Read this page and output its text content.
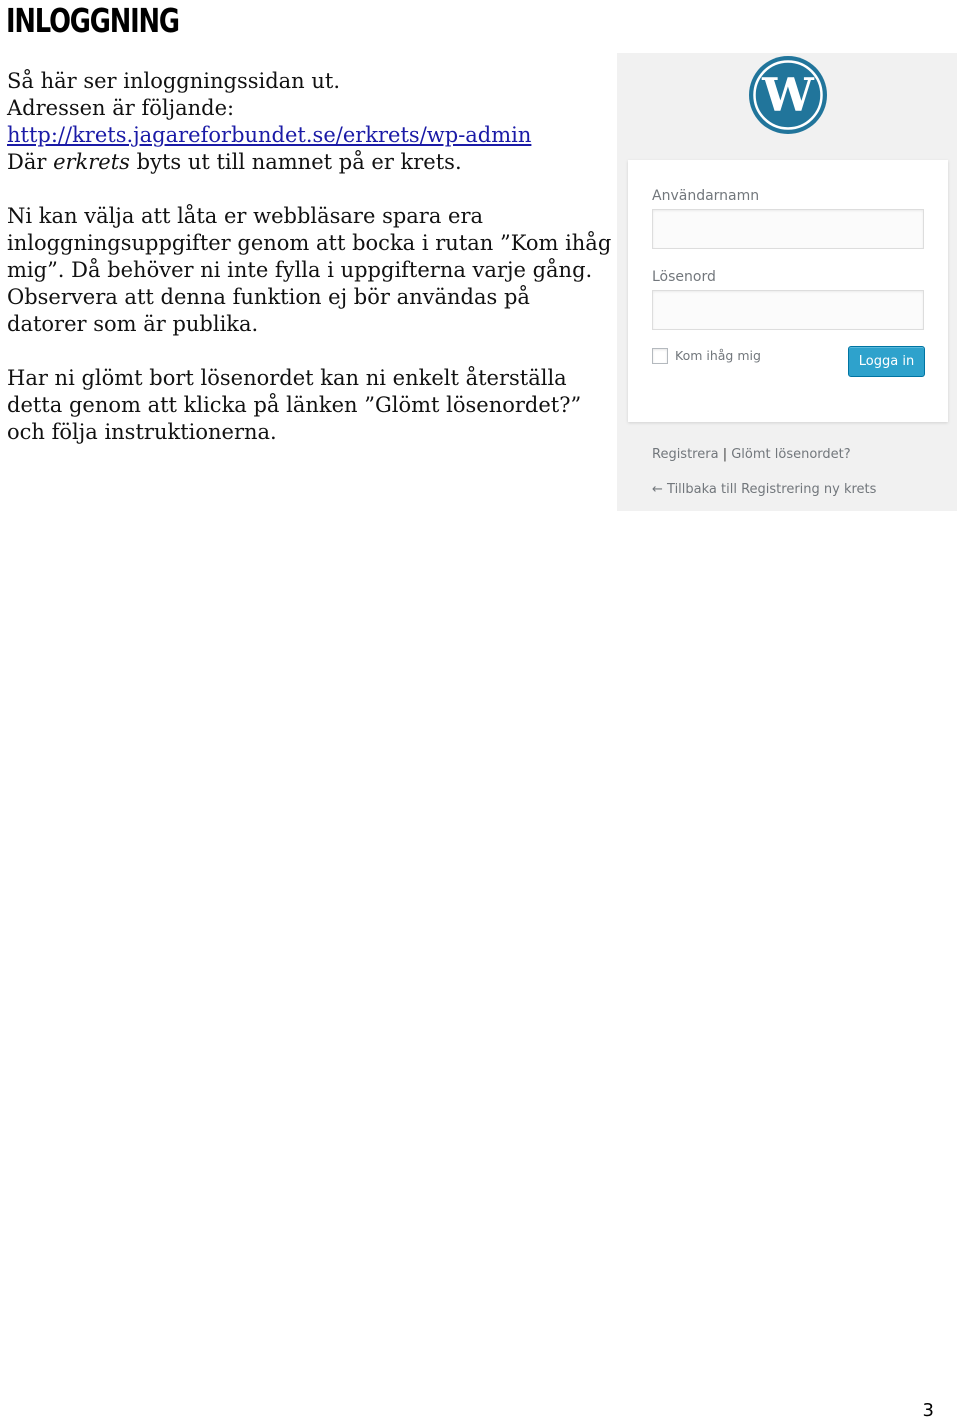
INLOGGNING

Så här ser inloggningssidan ut.
Adressen är följande:
http://krets.jagareforbundet.se/erkrets/wp-admin
Där erkrets byts ut till namnet på er krets.

Ni kan välja att låta er webbläsare spara era
inloggningsuppgifter genom att bocka i rutan ”Kom ihåg
mig”. Då behöver ni inte fylla i uppgifterna varje gång.
Observera att denna funktion ej bör användas på
datorer som är publika.

Har ni glömt bort lösenordet kan ni enkelt återställa
detta genom att klicka på länken ”Glömt lösenordet?”
och följa instruktionerna.

W
Användarnamn
Lösenord
Kom ihåg mig	Logga in
Registrera | Glömt lösenordet?
← Tillbaka till Registrering ny krets
3
